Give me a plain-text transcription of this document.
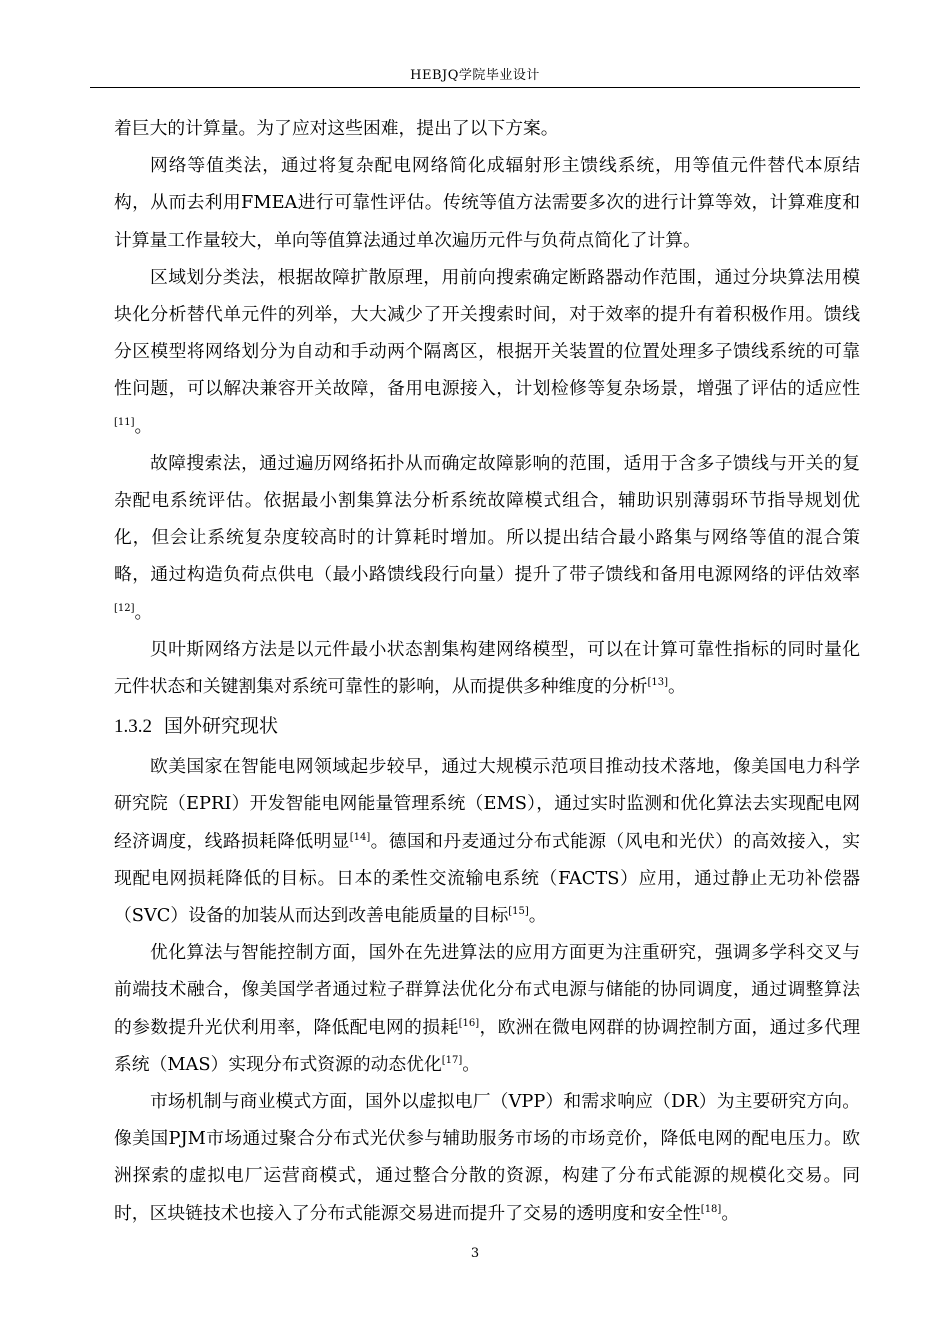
HEBJQ学院毕业设计

着巨大的计算量。为了应对这些困难，提出了以下方案。

网络等值类法，通过将复杂配电网络简化成辐射形主馈线系统，用等值元件替代本原结构，从而去利用FMEA进行可靠性评估。传统等值方法需要多次的进行计算等效，计算难度和计算量工作量较大，单向等值算法通过单次遍历元件与负荷点简化了计算。

区域划分类法，根据故障扩散原理，用前向搜索确定断路器动作范围，通过分块算法用模块化分析替代单元件的列举，大大减少了开关搜索时间，对于效率的提升有着积极作用。馈线分区模型将网络划分为自动和手动两个隔离区，根据开关装置的位置处理多子馈线系统的可靠性问题，可以解决兼容开关故障，备用电源接入，计划检修等复杂场景，增强了评估的适应性[11]。

故障搜索法，通过遍历网络拓扑从而确定故障影响的范围，适用于含多子馈线与开关的复杂配电系统评估。依据最小割集算法分析系统故障模式组合，辅助识别薄弱环节指导规划优化，但会让系统复杂度较高时的计算耗时增加。所以提出结合最小路集与网络等值的混合策略，通过构造负荷点供电（最小路馈线段行向量）提升了带子馈线和备用电源网络的评估效率[12]。

贝叶斯网络方法是以元件最小状态割集构建网络模型，可以在计算可靠性指标的同时量化元件状态和关键割集对系统可靠性的影响，从而提供多种维度的分析[13]。

1.3.2 国外研究现状

欧美国家在智能电网领域起步较早，通过大规模示范项目推动技术落地，像美国电力科学研究院（EPRI）开发智能电网能量管理系统（EMS），通过实时监测和优化算法去实现配电网经济调度，线路损耗降低明显[14]。德国和丹麦通过分布式能源（风电和光伏）的高效接入，实现配电网损耗降低的目标。日本的柔性交流输电系统（FACTS）应用，通过静止无功补偿器（SVC）设备的加装从而达到改善电能质量的目标[15]。

优化算法与智能控制方面，国外在先进算法的应用方面更为注重研究，强调多学科交叉与前端技术融合，像美国学者通过粒子群算法优化分布式电源与储能的协同调度，通过调整算法的参数提升光伏利用率，降低配电网的损耗[16]，欧洲在微电网群的协调控制方面，通过多代理系统（MAS）实现分布式资源的动态优化[17]。

市场机制与商业模式方面，国外以虚拟电厂（VPP）和需求响应（DR）为主要研究方向。像美国PJM市场通过聚合分布式光伏参与辅助服务市场的市场竞价，降低电网的配电压力。欧洲探索的虚拟电厂运营商模式，通过整合分散的资源，构建了分布式能源的规模化交易。同时，区块链技术也接入了分布式能源交易进而提升了交易的透明度和安全性[18]。

3
